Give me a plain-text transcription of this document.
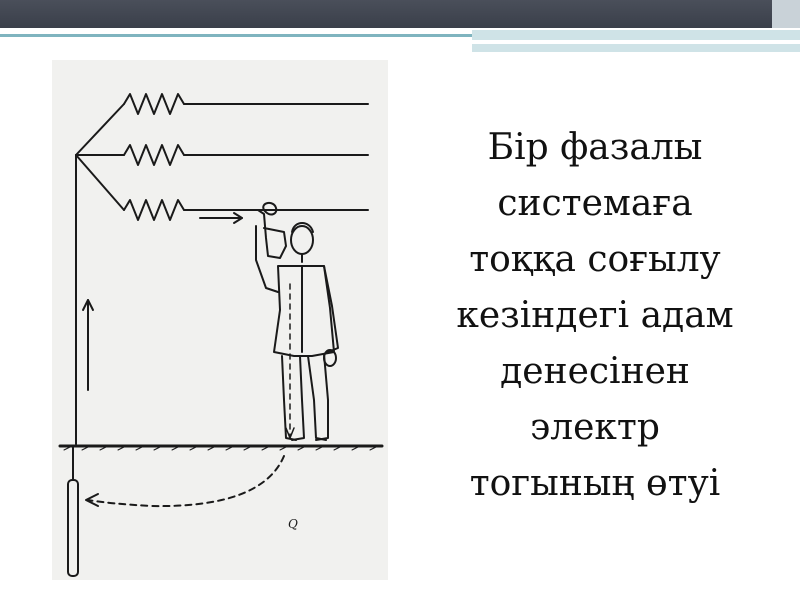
Q
Бір фазалы
системаға
тоққа соғылу
кезіндегі адам
денесінен
электр
тогының өтуі
